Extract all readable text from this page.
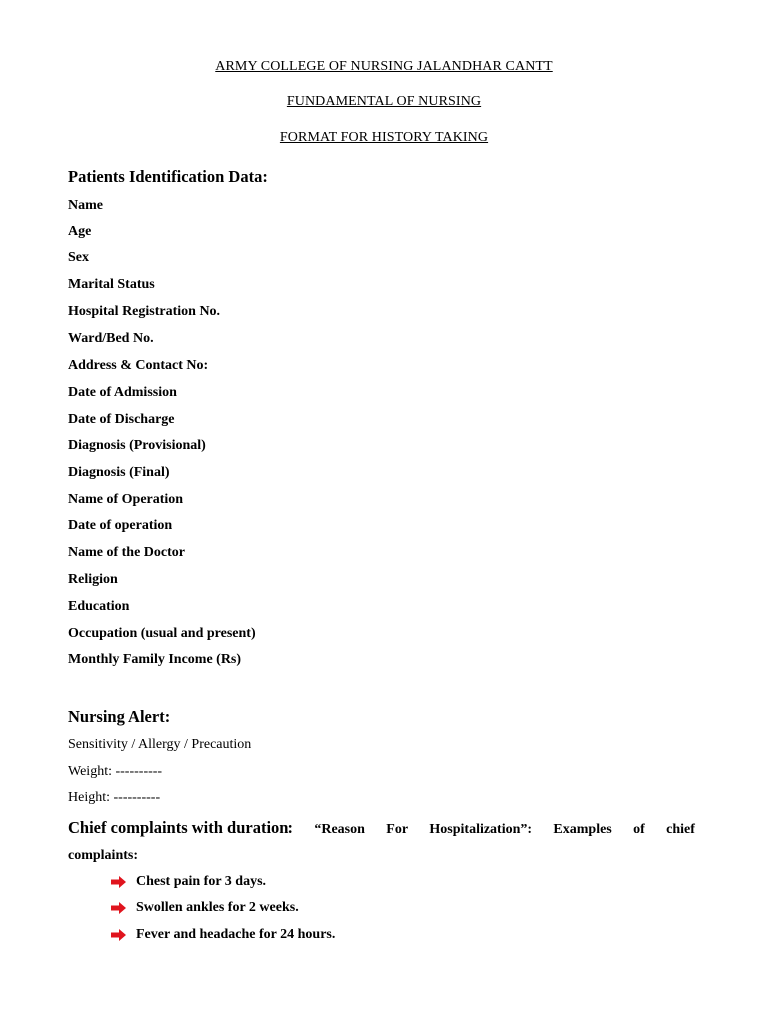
ARMY COLLEGE OF NURSING JALANDHAR CANTT
FUNDAMENTAL OF NURSING
FORMAT FOR HISTORY TAKING
Patients Identification Data:
Name
Age
Sex
Marital Status
Hospital Registration No.
Ward/Bed No.
Address & Contact No:
Date of Admission
Date of Discharge
Diagnosis (Provisional)
Diagnosis (Final)
Name of Operation
Date of operation
Name of the Doctor
Religion
Education
Occupation (usual and present)
Monthly Family Income (Rs)
Nursing Alert:
Sensitivity / Allergy / Precaution
Weight: ----------
Height: ----------
Chief complaints with duration: “Reason For Hospitalization”: Examples of chief
complaints:
Chest pain for 3 days.
Swollen ankles for 2 weeks.
Fever and headache for 24 hours.
